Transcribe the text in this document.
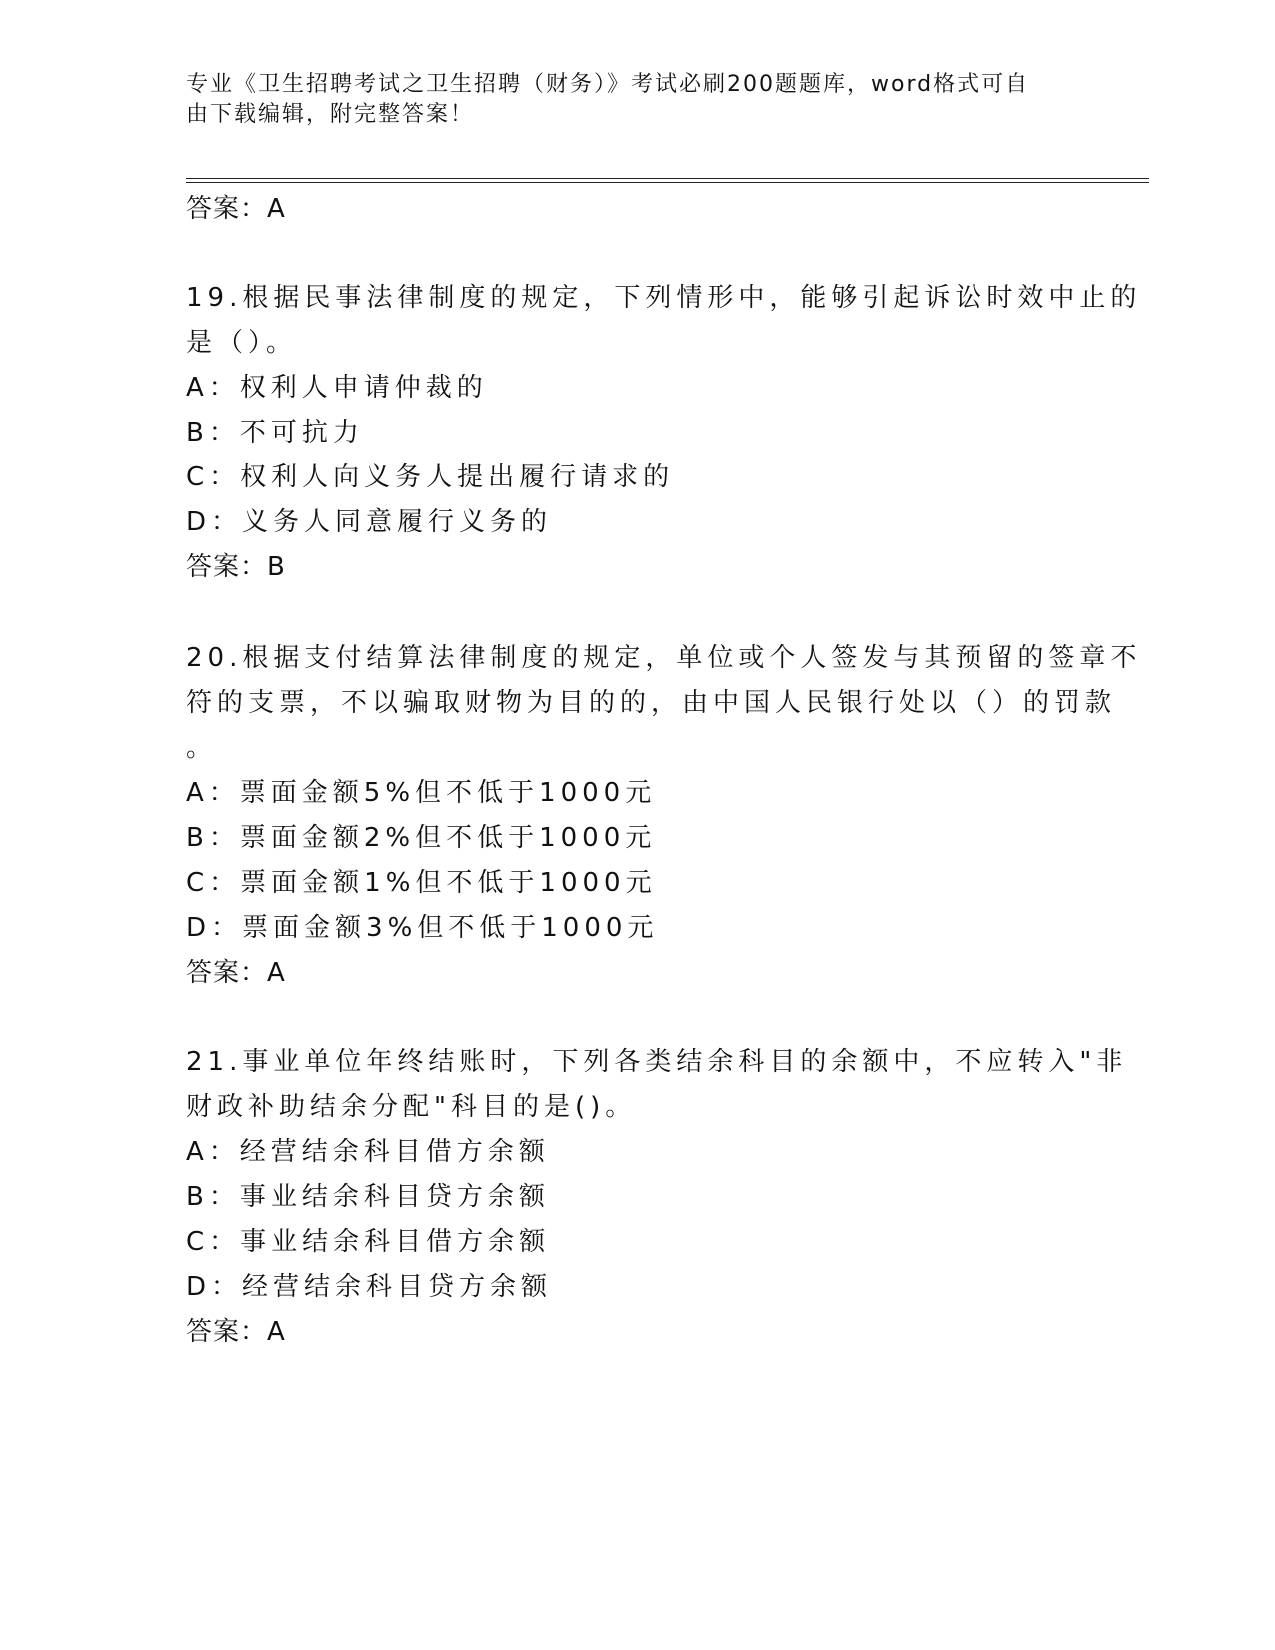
专业《卫生招聘考试之卫生招聘（财务）》考试必刷200题题库，word格式可自
由下载编辑，附完整答案！
答案：A
19.根据民事法律制度的规定，下列情形中，能够引起诉讼时效中止的
是（）。
A：权利人申请仲裁的
B：不可抗力
C：权利人向义务人提出履行请求的
D：义务人同意履行义务的
答案：B
20.根据支付结算法律制度的规定，单位或个人签发与其预留的签章不
符的支票，不以骗取财物为目的的，由中国人民银行处以（）的罚款
。
A：票面金额5%但不低于1000元
B：票面金额2%但不低于1000元
C：票面金额1%但不低于1000元
D：票面金额3%但不低于1000元
答案：A
21.事业单位年终结账时，下列各类结余科目的余额中，不应转入"非
财政补助结余分配"科目的是()。
A：经营结余科目借方余额
B：事业结余科目贷方余额
C：事业结余科目借方余额
D：经营结余科目贷方余额
答案：A
